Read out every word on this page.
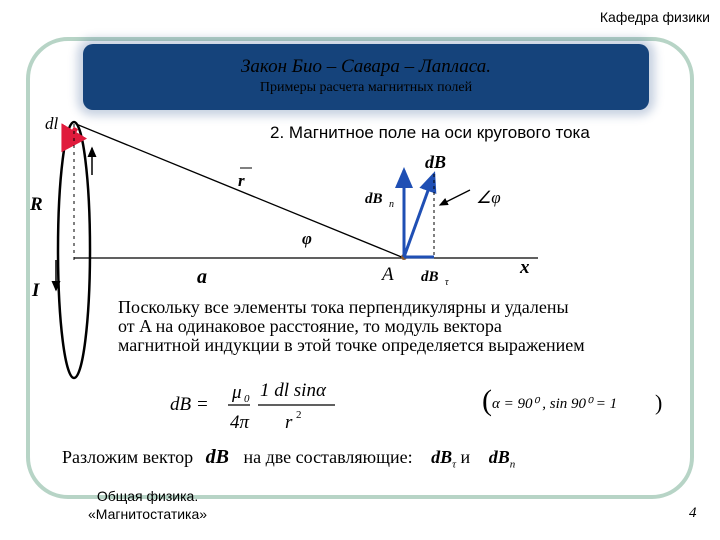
Кафедра физики
Закон Био – Савара – Лапласа.
Примеры расчета магнитных полей
2. Магнитное поле на оси кругового тока
dl
r
R
I
φ
a	A	x
dB
dB n
dB τ
∠φ
Поскольку все элементы тока перпендикулярны и удалены
от A на одинаковое расстояние, то модуль вектора
магнитной индукции в этой точке определяется выражением
dB =
μ 0
4π
1 dl sinα
r 2	( α = 90⁰ , sin 90⁰ = 1 )
Разложим вектор dB на две составляющие: $dB_\tau$ и $dB_n$
Общая физика.
«Магнитостатика»	4
